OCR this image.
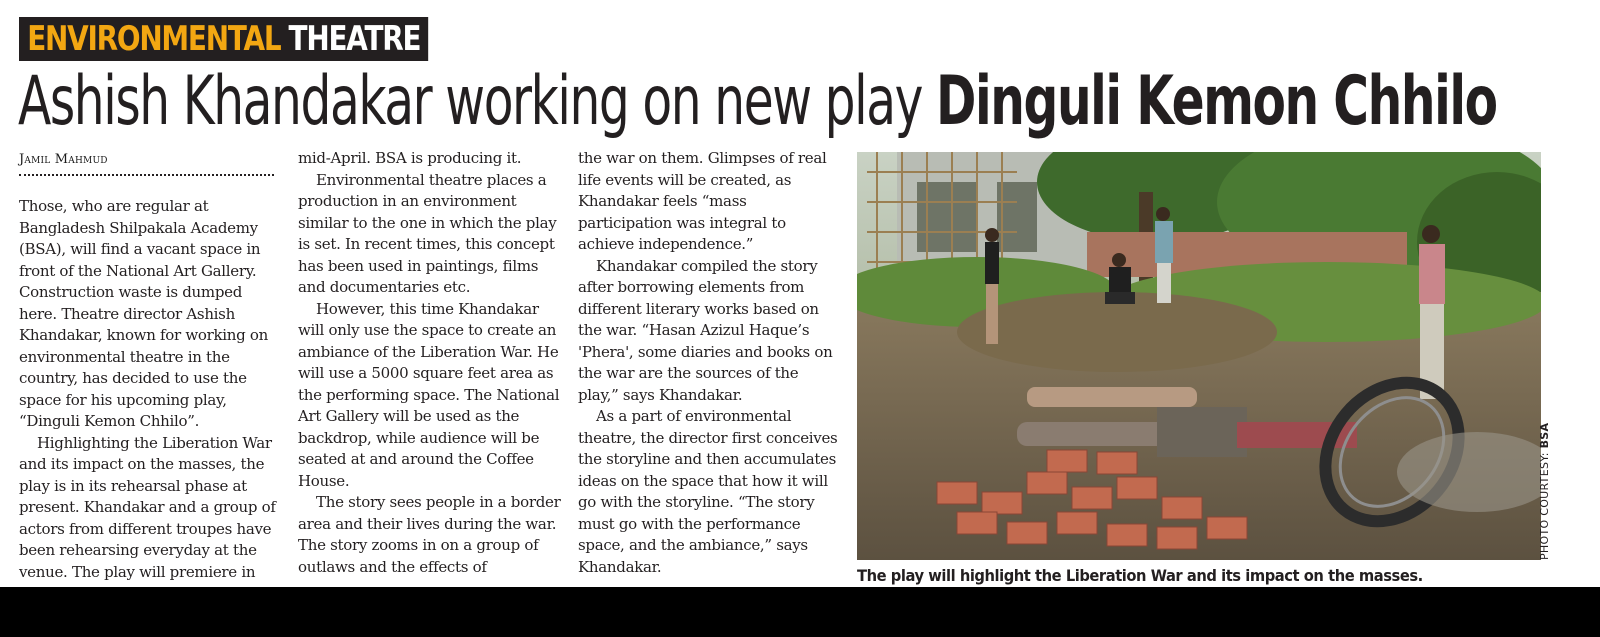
ENVIRONMENTAL THEATRE
Ashish Khandakar working on new play Dinguli Kemon Chhilo
Jamil Mahmud

Those, who are regular at Bangladesh Shilpakala Academy (BSA), will find a vacant space in front of the National Art Gallery. Construction waste is dumped here. Theatre director Ashish Khandakar, known for working on environmental theatre in the country, has decided to use the space for his upcoming play, “Dinguli Kemon Chhilo”.

Highlighting the Liberation War and its impact on the masses, the play is in its rehearsal phase at present. Khandakar and a group of actors from different troupes have been rehearsing everyday at the venue. The play will premiere in

mid-April. BSA is producing it.

Environmental theatre places a production in an environment similar to the one in which the play is set. In recent times, this concept has been used in paintings, films and documentaries etc.

However, this time Khandakar will only use the space to create an ambiance of the Liberation War. He will use a 5000 square feet area as the performing space. The National Art Gallery will be used as the backdrop, while audience will be seated at and around the Coffee House.

The story sees people in a border area and their lives during the war. The story zooms in on a group of outlaws and the effects of

the war on them. Glimpses of real life events will be created, as Khandakar feels “mass participation was integral to achieve independence.”

Khandakar compiled the story after borrowing elements from different literary works based on the war. “Hasan Azizul Haque’s 'Phera', some diaries and books on the war are the sources of the play,” says Khandakar.

As a part of environmental theatre, the director first conceives the storyline and then accumulates ideas on the space that how it will go with the storyline. “The story must go with the performance space, and the ambiance,” says Khandakar.

PHOTO COURTESY: BSA
The play will highlight the Liberation War and its impact on the masses.
